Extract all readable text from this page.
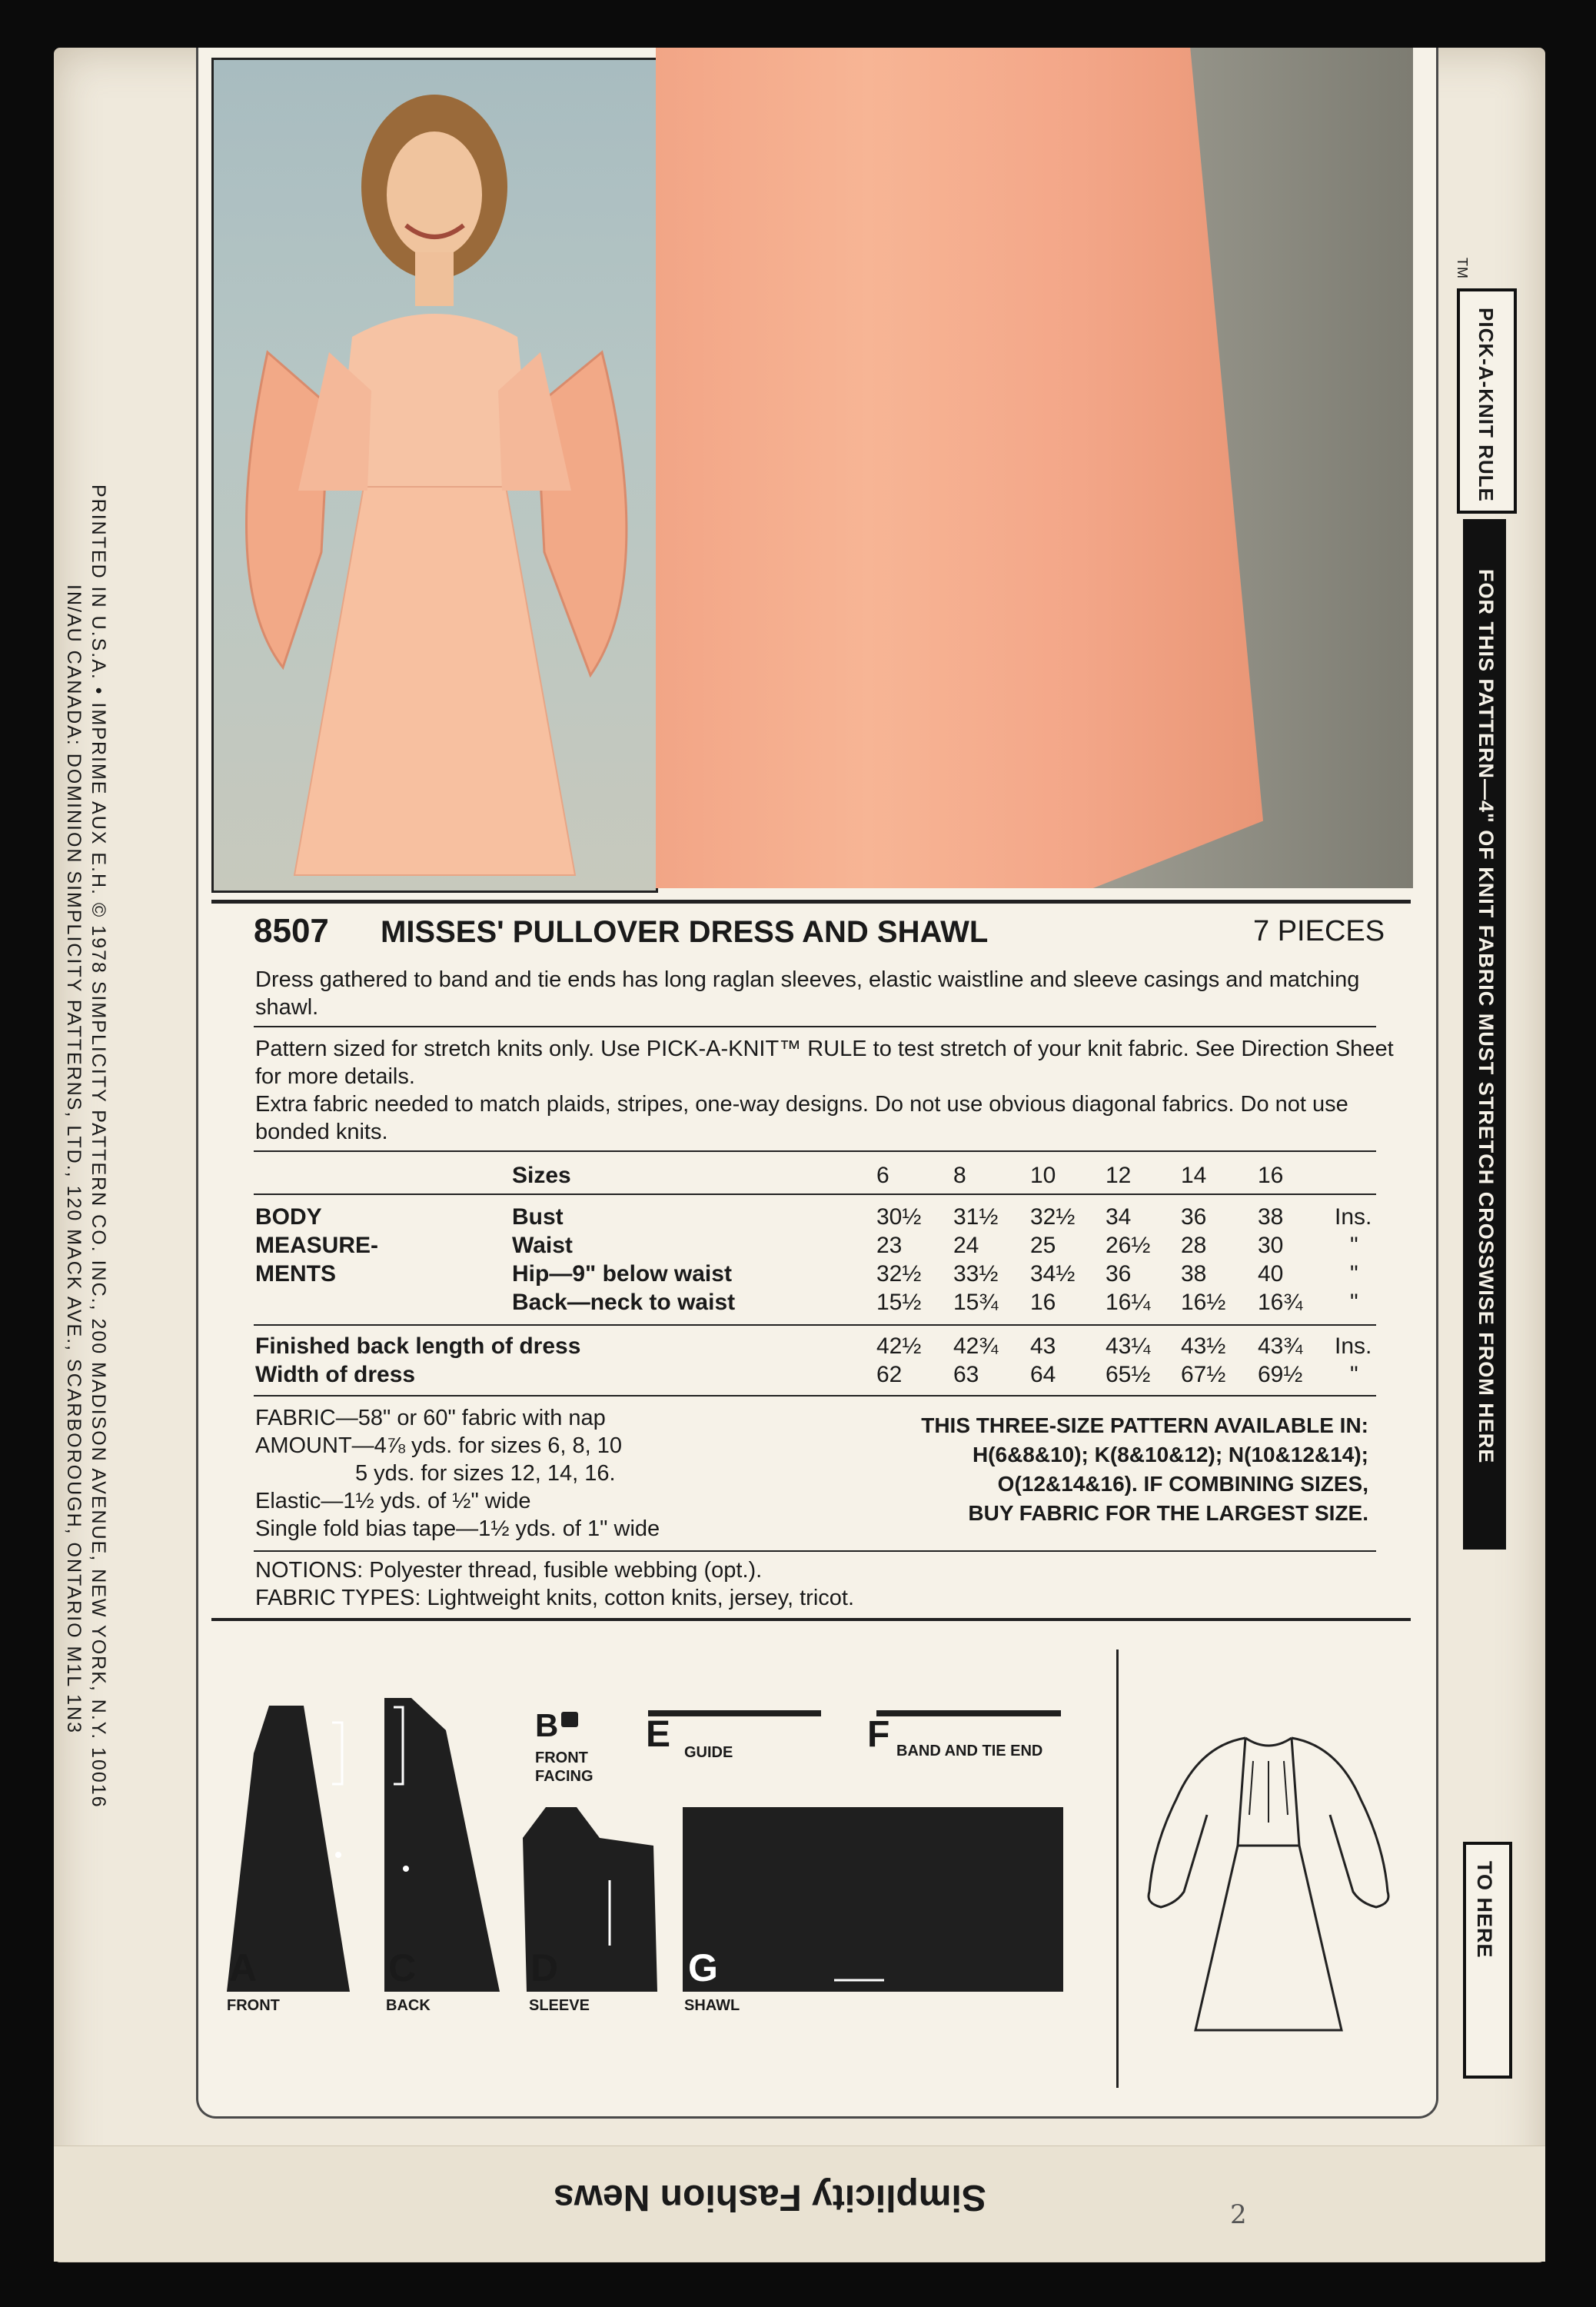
PRINTED IN U.S.A. • IMPRIME AUX E.H. © 1978 SIMPLICITY PATTERN CO. INC., 200 MADISON AVENUE, NEW YORK, N.Y. 10016
IN/AU CANADA: DOMINION SIMPLICITY PATTERNS, LTD., 120 MACK AVE., SCARBOROUGH, ONTARIO M1L 1N3	8507 MISSES' PULLOVER DRESS AND SHAWL	7 PIECES
Dress gathered to band and tie ends has long raglan sleeves, elastic waistline and sleeve casings and matching
shawl.
Pattern sized for stretch knits only. Use PICK-A-KNIT™ RULE to test stretch of your knit fabric. See Direction Sheet
for more details.
Extra fabric needed to match plaids, stripes, one-way designs. Do not use obvious diagonal fabrics. Do not use
bonded knits.
Sizes	6	8	10 12 14 16
BODY
MEASURE-
MENTS
Bust	30½	31½	32½	34	36	38	Ins.
Waist	23	24	25	26½	28	30	"
Hip—9" below waist	32½	33½	34½	36	38	40	"
Back—neck to waist	15½	15¾	16	16¼	16½	16¾	"
Finished back length of dress	42½	42¾	43	43¼	43½	43¾	Ins.
Width of dress	62	63	64	65½	67½	69½	"
FABRIC—58" or 60" fabric with nap
AMOUNT—4⅞ yds. for sizes 6, 8, 10
5 yds. for sizes 12, 14, 16.
Elastic—1½ yds. of ½" wide
Single fold bias tape—1½ yds. of 1" wide
THIS THREE-SIZE PATTERN AVAILABLE IN:
H(6&8&10); K(8&10&12); N(10&12&14);
O(12&14&16). IF COMBINING SIZES,
BUY FABRIC FOR THE LARGEST SIZE.
NOTIONS: Polyester thread, fusible webbing (opt.).
FABRIC TYPES: Lightweight knits, cotton knits, jersey, tricot.
A
FRONT
C
BACK
D
SLEEVE
B
FRONT FACING
E GUIDE	F BAND AND TIE END
G
SHAWL
TM
PICK-A-KNIT RULE
FOR THIS PATTERN—4" OF KNIT FABRIC MUST STRETCH CROSSWISE FROM HERE
TO HERE
Simplicity Fashion News	2
